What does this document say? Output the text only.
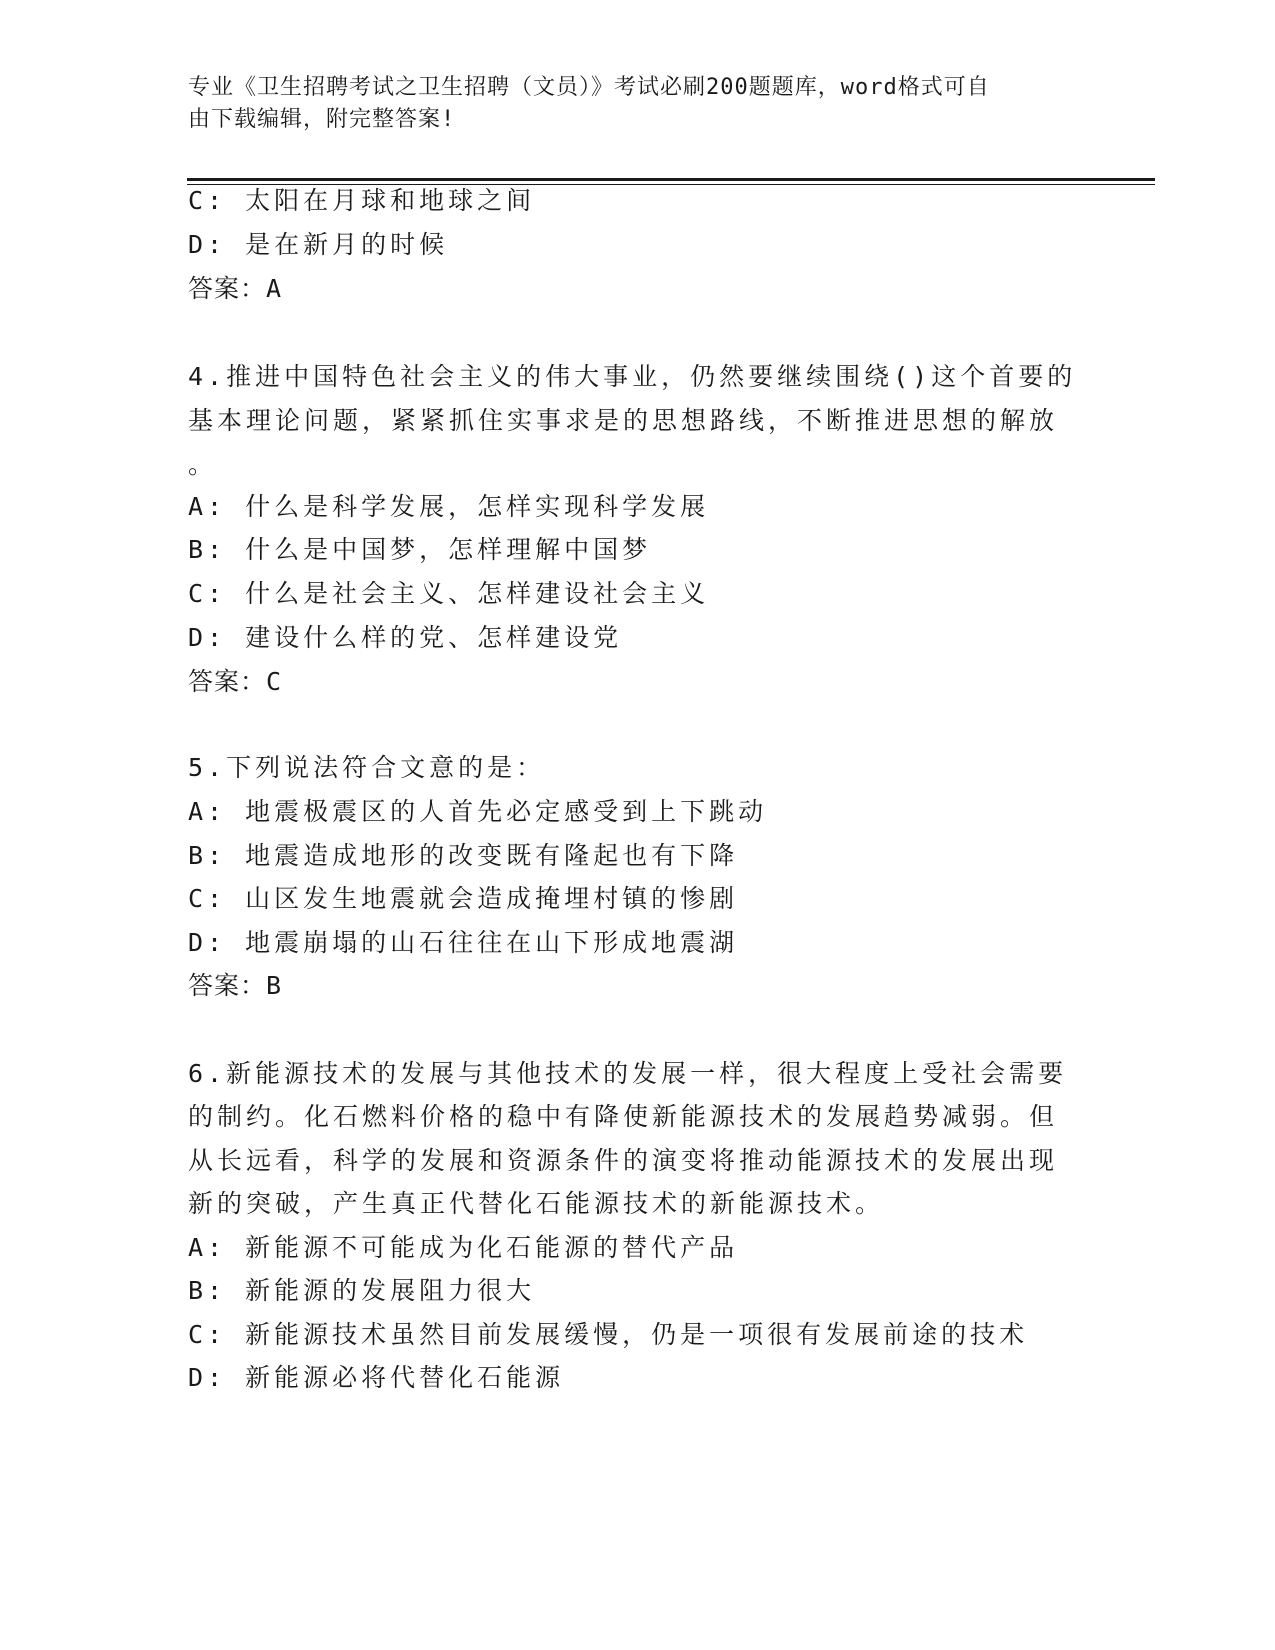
专业《卫生招聘考试之卫生招聘（文员）》考试必刷200题题库，word格式可自
由下载编辑，附完整答案!
C: 太阳在月球和地球之间
D: 是在新月的时候
答案：A
4.推进中国特色社会主义的伟大事业，仍然要继续围绕()这个首要的
基本理论问题，紧紧抓住实事求是的思想路线，不断推进思想的解放
。
A: 什么是科学发展，怎样实现科学发展
B: 什么是中国梦，怎样理解中国梦
C: 什么是社会主义、怎样建设社会主义
D: 建设什么样的党、怎样建设党
答案：C
5.下列说法符合文意的是：
A: 地震极震区的人首先必定感受到上下跳动
B: 地震造成地形的改变既有隆起也有下降
C: 山区发生地震就会造成掩埋村镇的惨剧
D: 地震崩塌的山石往往在山下形成地震湖
答案：B
6.新能源技术的发展与其他技术的发展一样，很大程度上受社会需要
的制约。化石燃料价格的稳中有降使新能源技术的发展趋势减弱。但
从长远看，科学的发展和资源条件的演变将推动能源技术的发展出现
新的突破，产生真正代替化石能源技术的新能源技术。
A: 新能源不可能成为化石能源的替代产品
B: 新能源的发展阻力很大
C: 新能源技术虽然目前发展缓慢，仍是一项很有发展前途的技术
D: 新能源必将代替化石能源
